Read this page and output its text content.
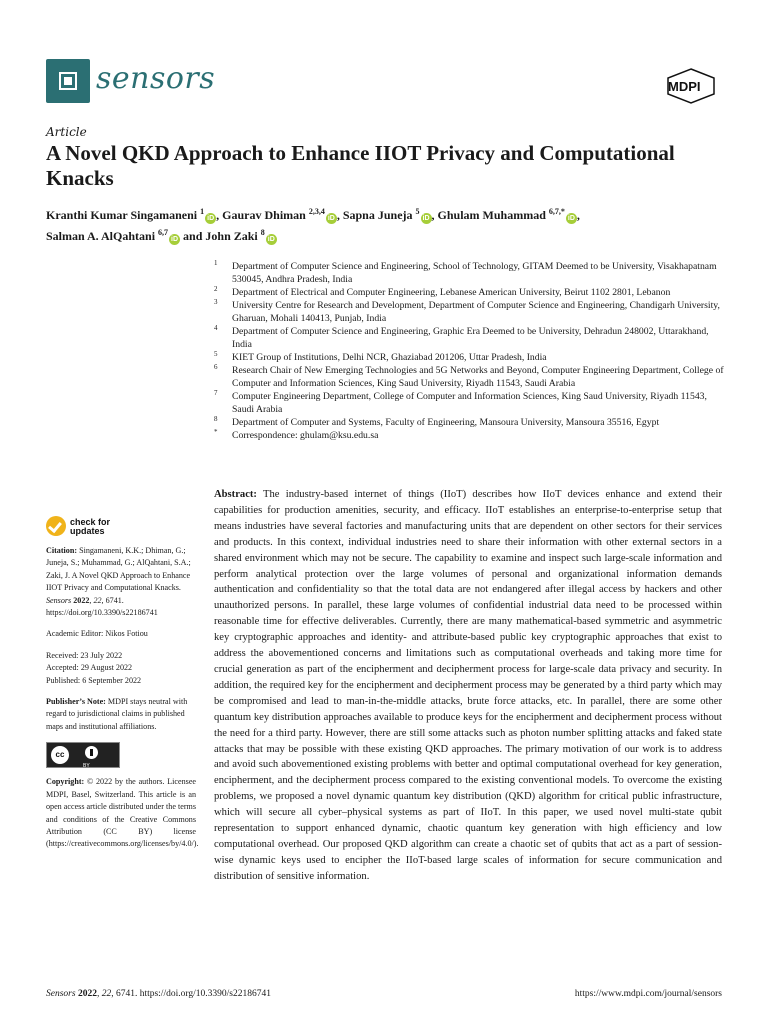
sensors	MDPI
Article
A Novel QKD Approach to Enhance IIOT Privacy and Computational Knacks
Kranthi Kumar Singamaneni $^1$iD , Gaurav Dhiman $^{2,3,4}$iD , Sapna Juneja $^5$iD , Ghulam Muhammad $^{6,7,*}$iD ,
Salman A. AlQahtani $^{6,7}$iD and John Zaki $^8$iD
1 Department of Computer Science and Engineering, School of Technology, GITAM Deemed to be University, Visakhapatnam 530045, Andhra Pradesh, India
2 Department of Electrical and Computer Engineering, Lebanese American University, Beirut 1102 2801, Lebanon
3 University Centre for Research and Development, Department of Computer Science and Engineering, Chandigarh University, Gharuan, Mohali 140413, Punjab, India
4 Department of Computer Science and Engineering, Graphic Era Deemed to be University, Dehradun 248002, Uttarakhand, India
5 KIET Group of Institutions, Delhi NCR, Ghaziabad 201206, Uttar Pradesh, India
6 Research Chair of New Emerging Technologies and 5G Networks and Beyond, Computer Engineering Department, College of Computer and Information Sciences, King Saud University, Riyadh 11543, Saudi Arabia
7 Computer Engineering Department, College of Computer and Information Sciences, King Saud University, Riyadh 11543, Saudi Arabia
8 Department of Computer and Systems, Faculty of Engineering, Mansoura University, Mansoura 35516, Egypt
* Correspondence: ghulam@ksu.edu.sa
Abstract: The industry-based internet of things (IIoT) describes how IIoT devices enhance and extend their capabilities for production amenities, security, and efficacy. IIoT establishes an enterprise-to-enterprise setup that means industries have several factories and manufacturing units that are dependent on other sectors for their services and products. In this context, individual industries need to share their information with other external sectors in a shared environment which may not be secure. The capability to examine and inspect such large-scale information and perform analytical protection over the large volumes of personal and organizational information demands authentication and confidentiality so that the total data are not endangered after illegal access by hackers and other unauthorized persons. In parallel, these large volumes of confidential industrial data need to be processed within reasonable time for effective deliverables. Currently, there are many mathematical-based symmetric and asymmetric key cryptographic approaches and identity- and attribute-based public key cryptographic approaches that exist to address the abovementioned concerns and limitations such as computational overheads and taking more time for crucial generation as part of the encipherment and decipherment process for large-scale data privacy and security. In addition, the required key for the encipherment and decipherment process may be generated by a third party which may be compromised and lead to man-in-the-middle attacks, brute force attacks, etc. In parallel, there are some other quantum key distribution approaches available to produce keys for the encipherment and decipherment process without the need for a third party. However, there are still some attacks such as photon number splitting attacks and faked state attacks that may be possible with these existing QKD approaches. The primary motivation of our work is to address and avoid such abovementioned existing problems with better and optimal computational overhead for key generation, encipherment, and the decipherment process compared to the existing conventional models. To overcome the existing problems, we proposed a novel dynamic quantum key distribution (QKD) algorithm for critical public infrastructure, which will secure all cyber–physical systems as part of IIoT. In this paper, we used novel multi-state qubit representation to support enhanced dynamic, chaotic quantum key generation with high efficiency and low computational overhead. Our proposed QKD algorithm can create a chaotic set of qubits that act as a part of session-wise dynamic keys used to encipher the IIoT-based large scales of information for secure communication and distribution of sensitive information.
check for
updates
Citation: Singamaneni, K.K.; Dhiman, G.; Juneja, S.; Muhammad, G.; AlQahtani, S.A.; Zaki, J. A Novel QKD Approach to Enhance IIOT Privacy and Computational Knacks. Sensors 2022, 22, 6741. https://doi.org/10.3390/s22186741
Academic Editor: Nikos Fotiou
Received: 23 July 2022
Accepted: 29 August 2022
Published: 6 September 2022
Publisher’s Note: MDPI stays neutral with regard to jurisdictional claims in published maps and institutional affiliations.
cc
BY
Copyright: © 2022 by the authors. Licensee MDPI, Basel, Switzerland. This article is an open access article distributed under the terms and conditions of the Creative Commons Attribution (CC BY) license (https://creativecommons.org/licenses/by/4.0/).
Sensors 2022, 22, 6741. https://doi.org/10.3390/s22186741	https://www.mdpi.com/journal/sensors
